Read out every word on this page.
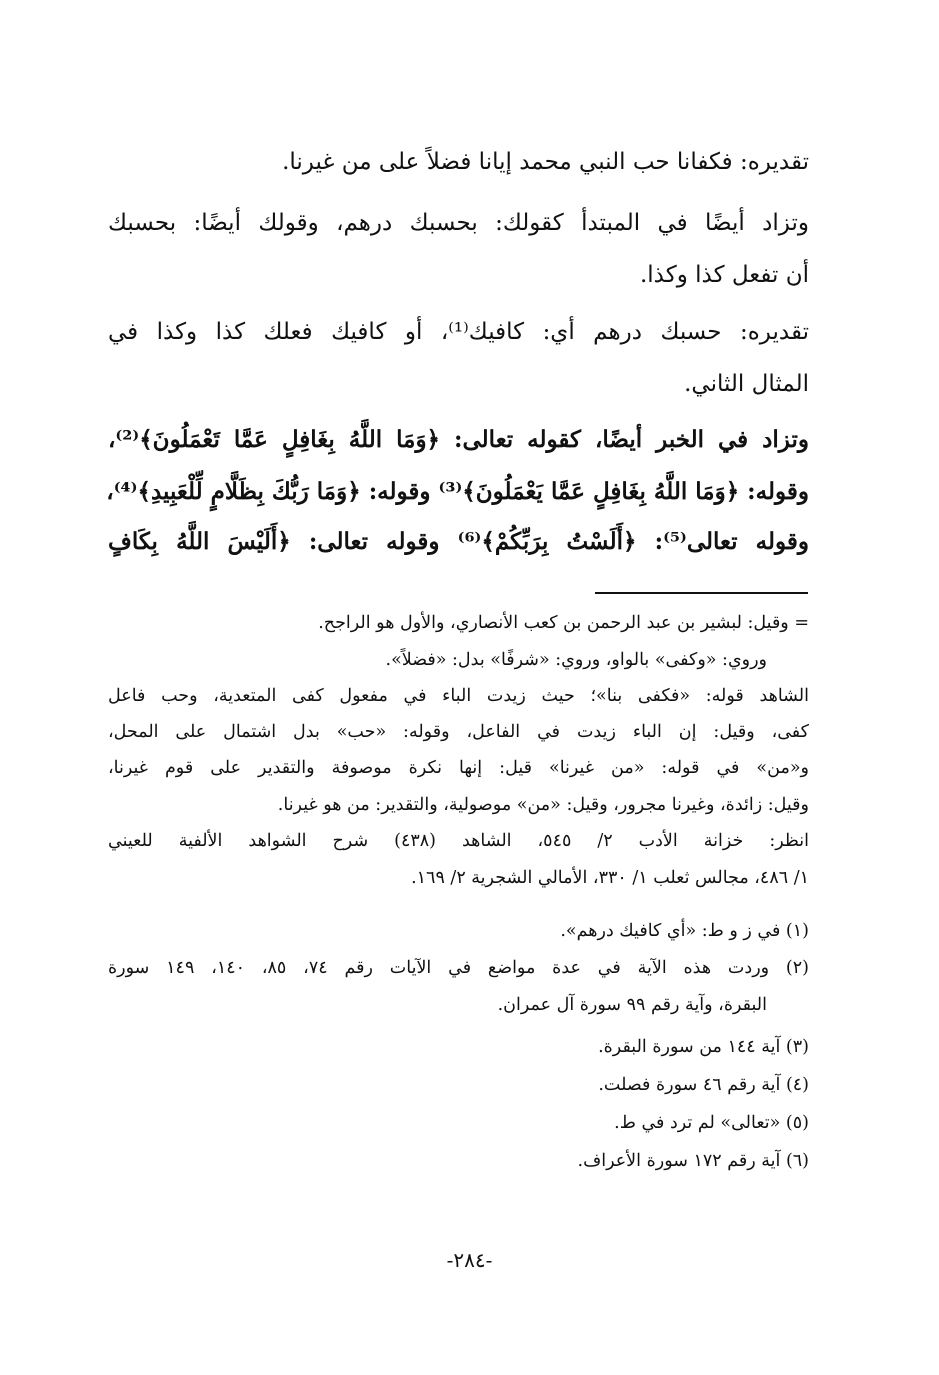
تقديره: فكفانا حب النبي محمد إيانا فضلاً على من غيرنا.
وتزاد أيضًا في المبتدأ كقولك: بحسبك درهم، وقولك أيضًا: بحسبك
أن تفعل كذا وكذا.
تقديره: حسبك درهم أي: كافيك⁽¹⁾، أو كافيك فعلك كذا وكذا في
المثال الثاني.
وتزاد في الخبر أيضًا، كقوله تعالى: ﴿وَمَا اللَّهُ بِغَافِلٍ عَمَّا تَعْمَلُونَ﴾⁽²⁾،
وقوله: ﴿وَمَا اللَّهُ بِغَافِلٍ عَمَّا يَعْمَلُونَ﴾⁽³⁾ وقوله: ﴿وَمَا رَبُّكَ بِظَلَّامٍ لِّلْعَبِيدِ﴾⁽⁴⁾،
وقوله تعالى⁽⁵⁾: ﴿أَلَسْتُ بِرَبِّكُمْ﴾⁽⁶⁾ وقوله تعالى: ﴿أَلَيْسَ اللَّهُ بِكَافٍ
= وقيل: لبشير بن عبد الرحمن بن كعب الأنصاري، والأول هو الراجح.
وروي: «وكفى» بالواو، وروي: «شرفًا» بدل: «فضلاً».
الشاهد قوله: «فكفى بنا»؛ حيث زيدت الباء في مفعول كفى المتعدية، وحب فاعل
كفى، وقيل: إن الباء زيدت في الفاعل، وقوله: «حب» بدل اشتمال على المحل،
و«من» في قوله: «من غيرنا» قيل: إنها نكرة موصوفة والتقدير على قوم غيرنا،
وقيل: زائدة، وغيرنا مجرور، وقيل: «من» موصولية، والتقدير: من هو غيرنا.
انظر: خزانة الأدب ٢/ ٥٤٥، الشاهد (٤٣٨) شرح الشواهد الألفية للعيني
١/ ٤٨٦، مجالس ثعلب ١/ ٣٣٠، الأمالي الشجرية ٢/ ١٦٩.
(١) في ز و ط: «أي كافيك درهم».
(٢) وردت هذه الآية في عدة مواضع في الآيات رقم ٧٤، ٨٥، ١٤٠، ١٤٩ سورة
البقرة، وآية رقم ٩٩ سورة آل عمران.
(٣) آية ١٤٤ من سورة البقرة.
(٤) آية رقم ٤٦ سورة فصلت.
(٥) «تعالى» لم ترد في ط.
(٦) آية رقم ١٧٢ سورة الأعراف.
-٢٨٤-
